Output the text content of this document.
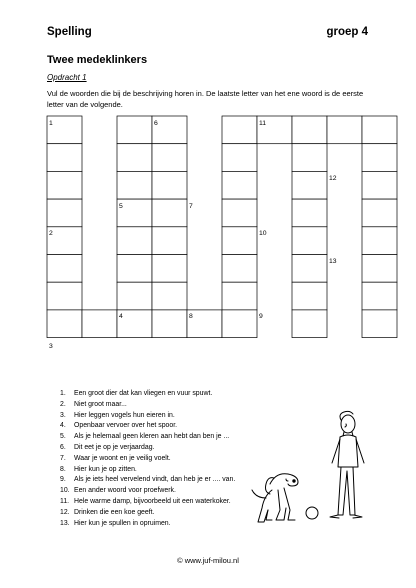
Spelling	groep 4
Twee medeklinkers
Opdracht 1
Vul de woorden die bij de beschrijving horen in. De laatste letter van het ene woord is de eerste letter van de volgende.
1
2
3
4
5
6
7
8	9
10
11
12
13
1. Een groot dier dat kan vliegen en vuur spuwt.
2. Niet groot maar...
3. Hier leggen vogels hun eieren in.
4. Openbaar vervoer over het spoor.
5. Als je helemaal geen kleren aan hebt dan ben je ...
6. Dit eet je op je verjaardag.
7. Waar je woont en je veilig voelt.
8. Hier kun je op zitten.
9. Als je iets heel vervelend vindt, dan heb je er .... van.
10. Een ander woord voor proefwerk.
11. Hele warme damp, bijvoorbeeld uit een waterkoker.
12. Drinken die een koe geeft.
13. Hier kun je spullen in opruimen.
© www.juf-milou.nl
